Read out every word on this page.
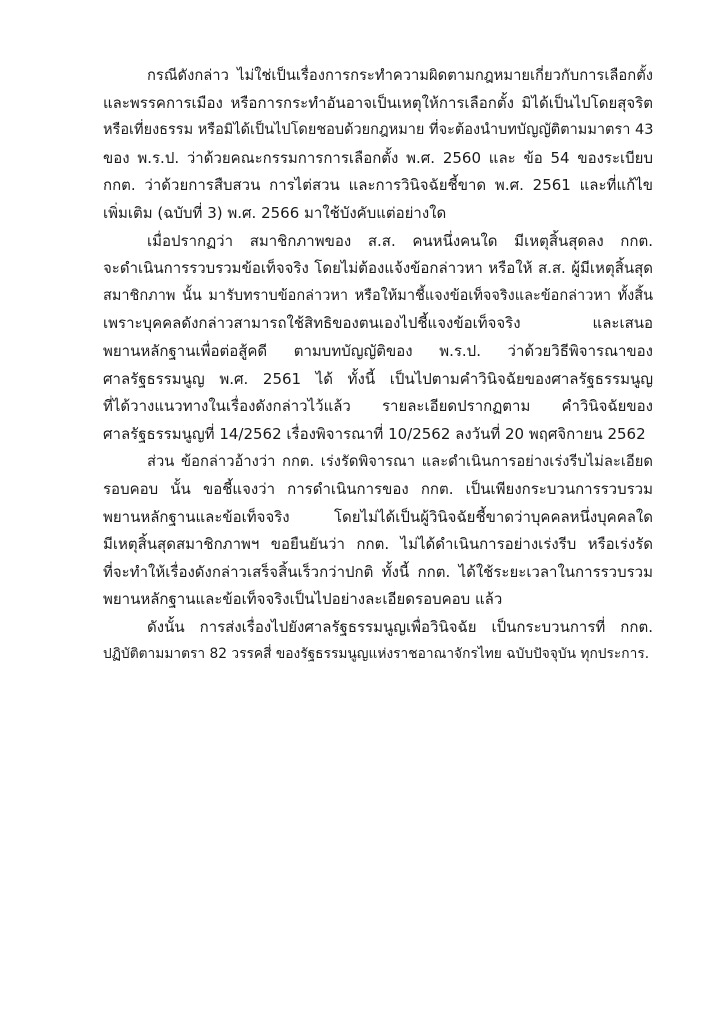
กรณีดังกล่าว ไม่ใช่เป็นเรื่องการกระทำความผิดตามกฎหมายเกี่ยวกับการเลือกตั้ง
และพรรคการเมือง หรือการกระทำอันอาจเป็นเหตุให้การเลือกตั้ง มิได้เป็นไปโดยสุจริต
หรือเที่ยงธรรม หรือมิได้เป็นไปโดยชอบด้วยกฎหมาย ที่จะต้องนำบทบัญญัติตามมาตรา 43
ของ พ.ร.ป. ว่าด้วยคณะกรรมการการเลือกตั้ง พ.ศ. 2560 และ ข้อ 54 ของระเบียบ
กกต. ว่าด้วยการสืบสวน การไต่สวน และการวินิจฉัยชี้ขาด พ.ศ. 2561 และที่แก้ไข
เพิ่มเติม (ฉบับที่ 3) พ.ศ. 2566 มาใช้บังคับแต่อย่างใด
เมื่อปรากฏว่า สมาชิกภาพของ ส.ส. คนหนึ่งคนใด มีเหตุสิ้นสุดลง กกต.
จะดำเนินการรวบรวมข้อเท็จจริง โดยไม่ต้องแจ้งข้อกล่าวหา หรือให้ ส.ส. ผู้มีเหตุสิ้นสุด
สมาชิกภาพ นั้น มารับทราบข้อกล่าวหา หรือให้มาชี้แจงข้อเท็จจริงและข้อกล่าวหา ทั้งสิ้น
เพราะบุคคลดังกล่าวสามารถใช้สิทธิของตนเองไปชี้แจงข้อเท็จจริง และเสนอ
พยานหลักฐานเพื่อต่อสู้คดี ตามบทบัญญัติของ พ.ร.ป. ว่าด้วยวิธีพิจารณาของ
ศาลรัฐธรรมนูญ พ.ศ. 2561 ได้ ทั้งนี้ เป็นไปตามคำวินิจฉัยของศาลรัฐธรรมนูญ
ที่ได้วางแนวทางในเรื่องดังกล่าวไว้แล้ว รายละเอียดปรากฏตาม คำวินิจฉัยของ
ศาลรัฐธรรมนูญที่ 14/2562 เรื่องพิจารณาที่ 10/2562 ลงวันที่ 20 พฤศจิกายน 2562
ส่วน ข้อกล่าวอ้างว่า กกต. เร่งรัดพิจารณา และดำเนินการอย่างเร่งรีบไม่ละเอียด
รอบคอบ นั้น ขอชี้แจงว่า การดำเนินการของ กกต. เป็นเพียงกระบวนการรวบรวม
พยานหลักฐานและข้อเท็จจริง โดยไม่ได้เป็นผู้วินิจฉัยชี้ขาดว่าบุคคลหนึ่งบุคคลใด
มีเหตุสิ้นสุดสมาชิกภาพฯ ขอยืนยันว่า กกต. ไม่ได้ดำเนินการอย่างเร่งรีบ หรือเร่งรัด
ที่จะทำให้เรื่องดังกล่าวเสร็จสิ้นเร็วกว่าปกติ ทั้งนี้ กกต. ได้ใช้ระยะเวลาในการรวบรวม
พยานหลักฐานและข้อเท็จจริงเป็นไปอย่างละเอียดรอบคอบ แล้ว
ดังนั้น การส่งเรื่องไปยังศาลรัฐธรรมนูญเพื่อวินิจฉัย เป็นกระบวนการที่ กกต.
ปฏิบัติตามมาตรา 82 วรรคสี่ ของรัฐธรรมนูญแห่งราชอาณาจักรไทย ฉบับปัจจุบัน ทุกประการ.
